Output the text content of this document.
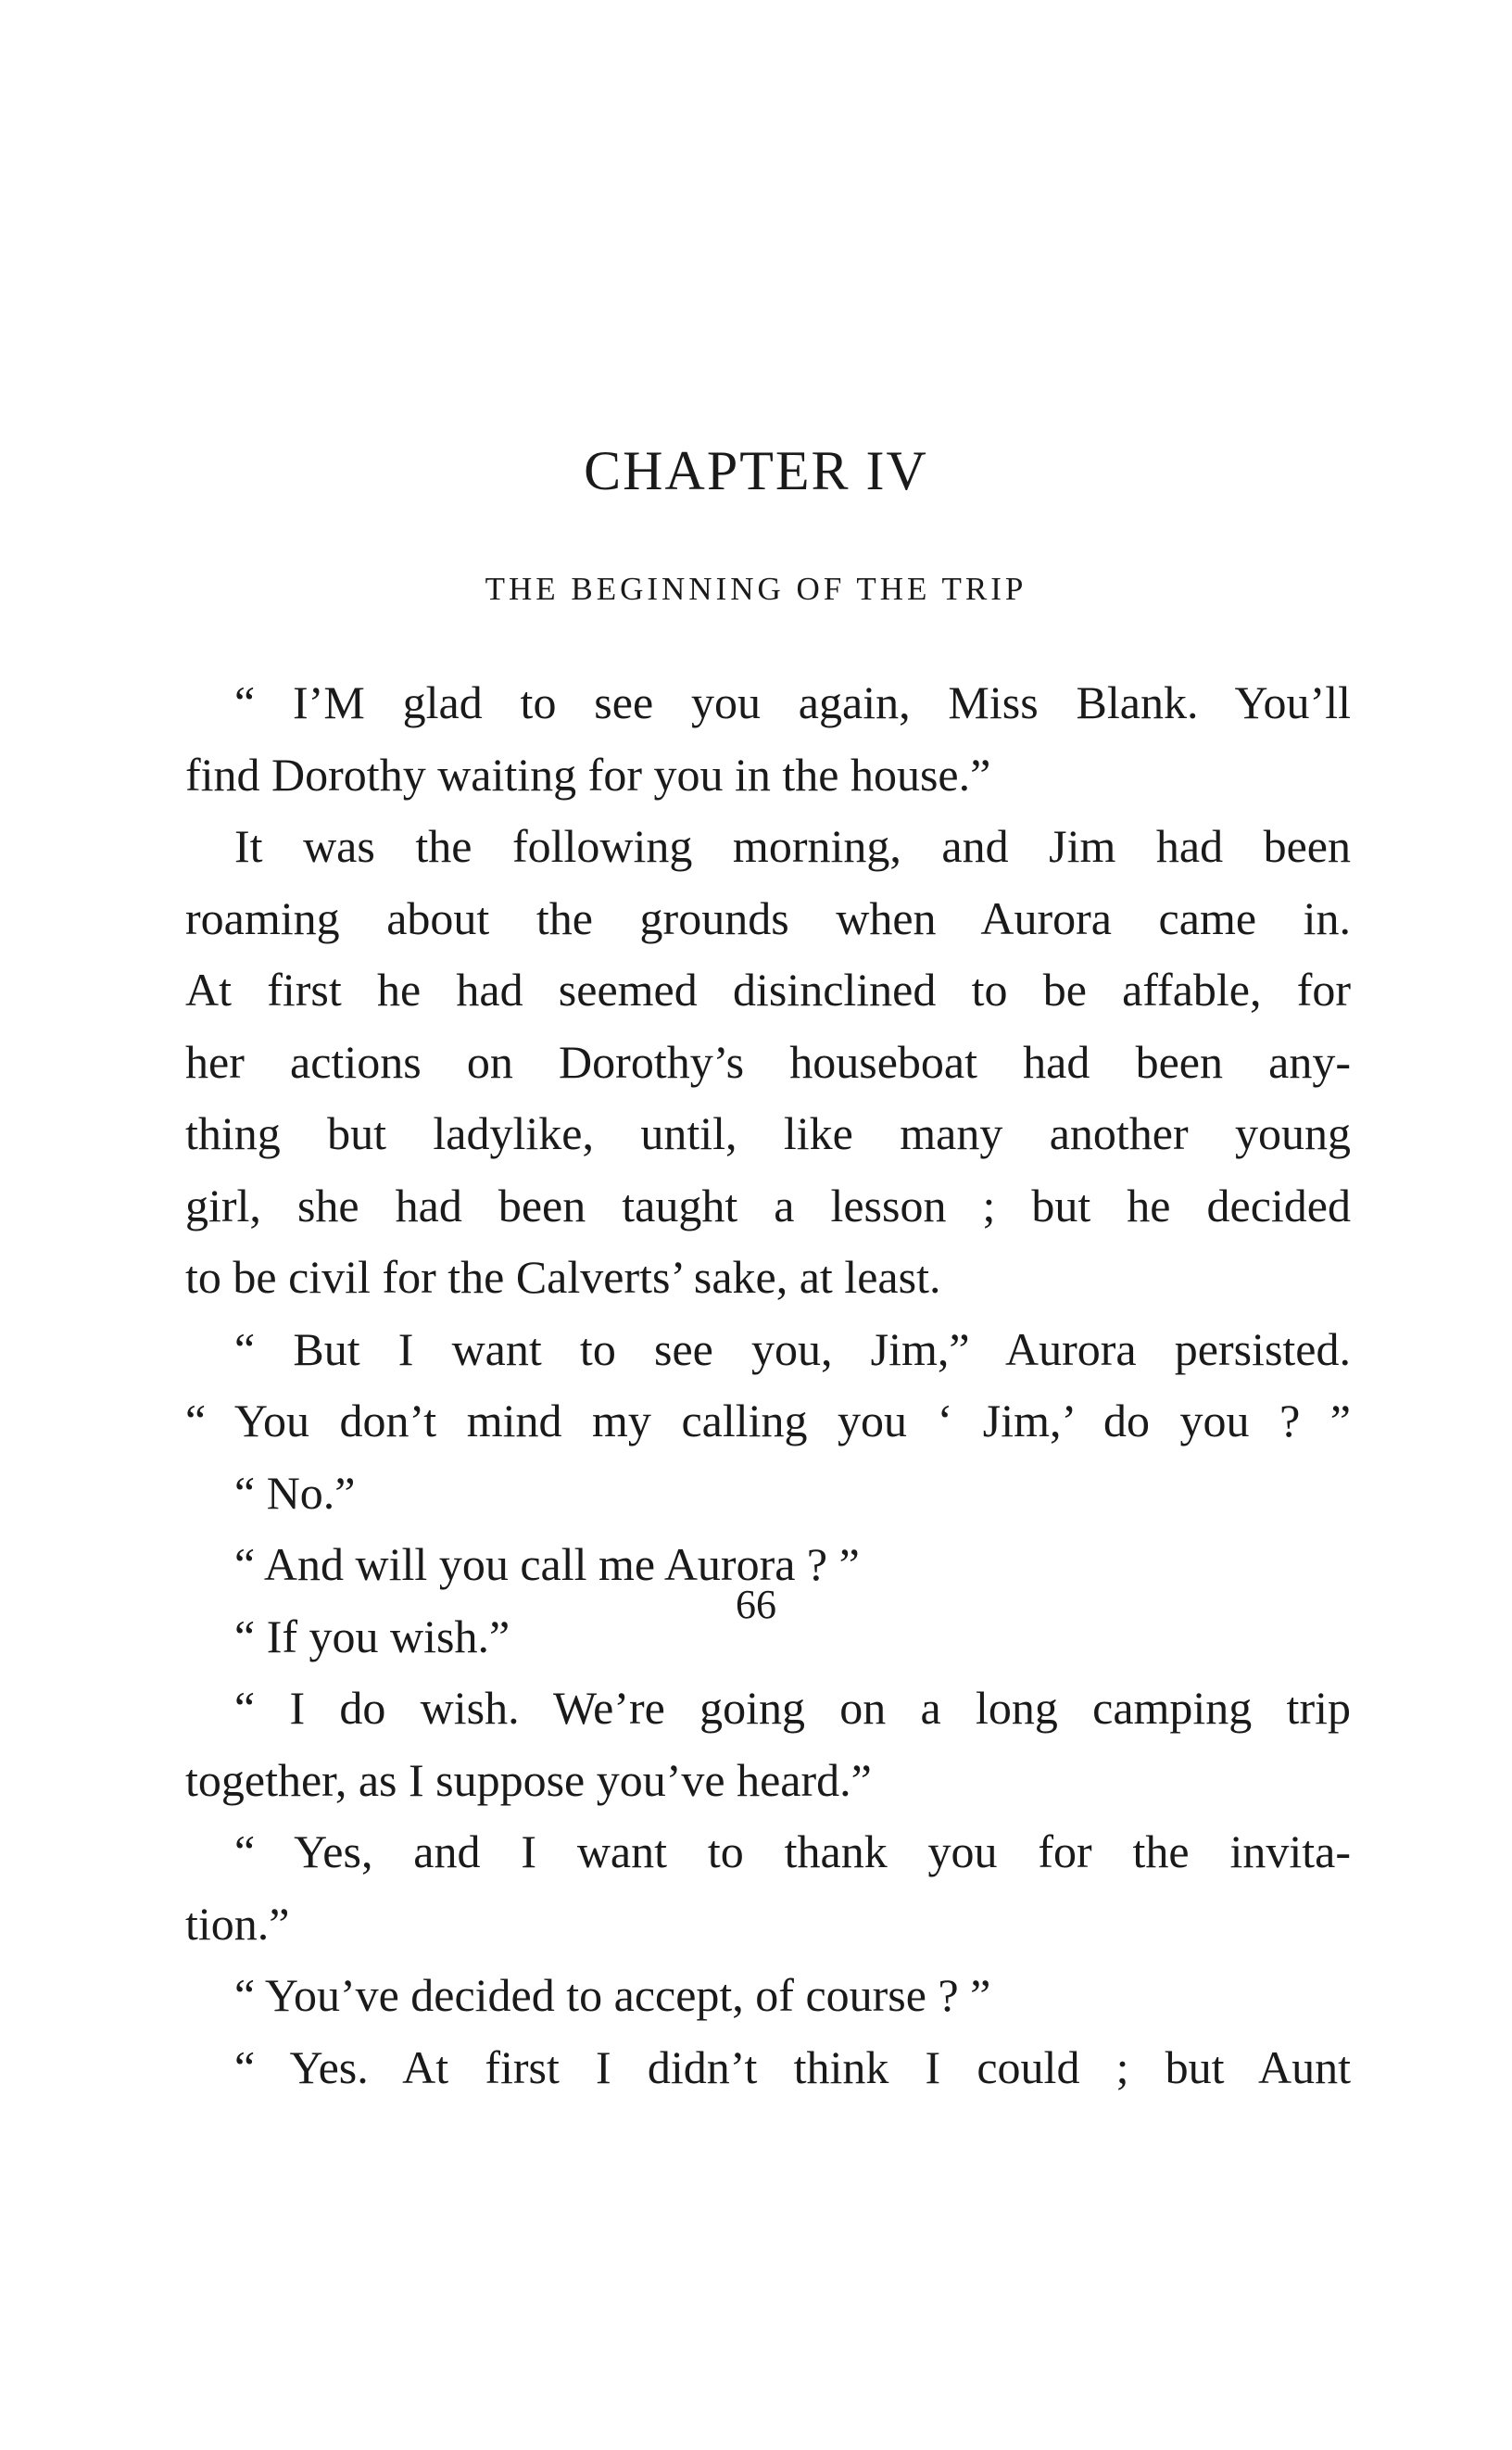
CHAPTER IV
THE BEGINNING OF THE TRIP
“ I’M glad to see you again, Miss Blank. You’ll
find Dorothy waiting for you in the house.”
It was the following morning, and Jim had been
roaming about the grounds when Aurora came in.
At first he had seemed disinclined to be affable, for
her actions on Dorothy’s houseboat had been any-
thing but ladylike, until, like many another young
girl, she had been taught a lesson ; but he decided
to be civil for the Calverts’ sake, at least.
“ But I want to see you, Jim,” Aurora persisted.
“ You don’t mind my calling you ‘ Jim,’ do you ? ”
“ No.”
“ And will you call me Aurora ? ”
“ If you wish.”
“ I do wish. We’re going on a long camping trip
together, as I suppose you’ve heard.”
“ Yes, and I want to thank you for the invita-
tion.”
“ You’ve decided to accept, of course ? ”
“ Yes. At first I didn’t think I could ; but Aunt
66
